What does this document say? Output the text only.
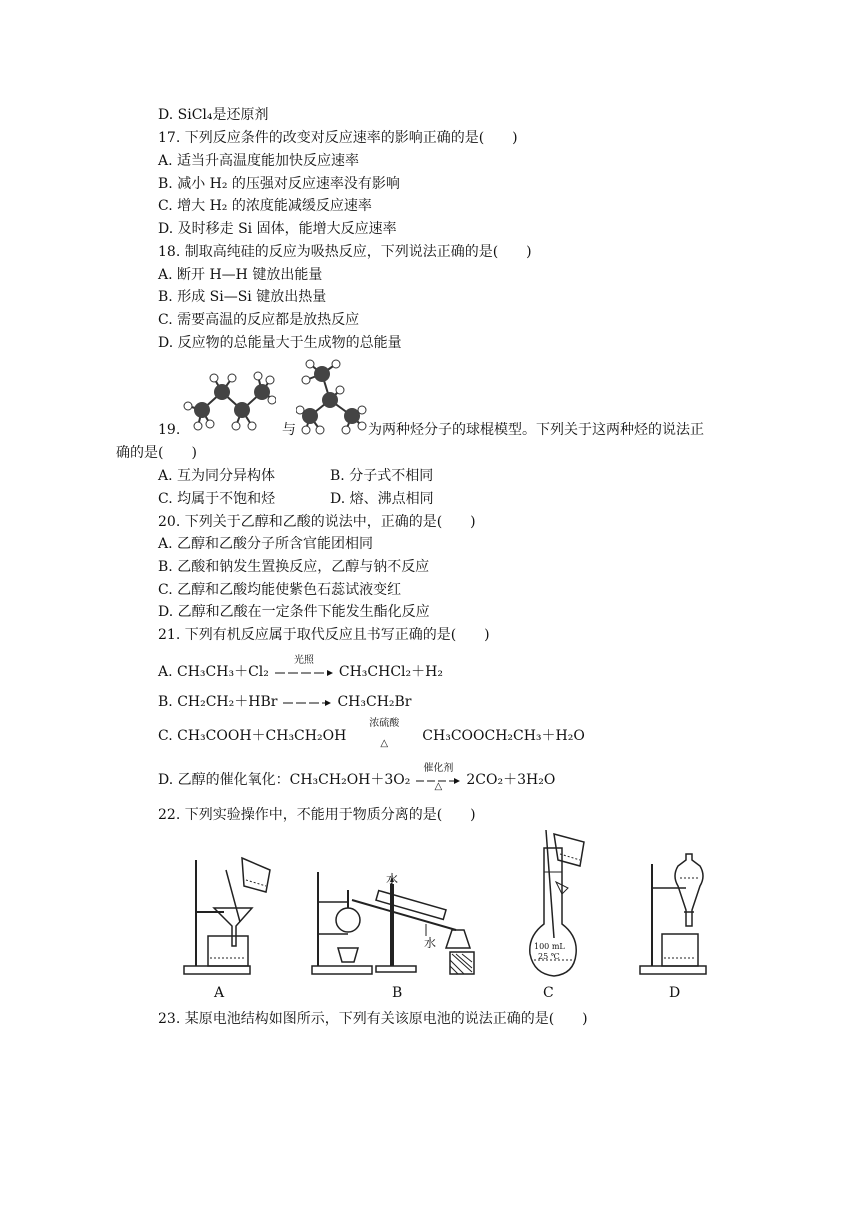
D. SiCl₄是还原剂
17. 下列反应条件的改变对反应速率的影响正确的是(　　)
A. 适当升高温度能加快反应速率
B. 减小 H₂ 的压强对反应速率没有影响
C. 增大 H₂ 的浓度能减缓反应速率
D. 及时移走 Si 固体，能增大反应速率
18. 制取高纯硅的反应为吸热反应，下列说法正确的是(　　)
A. 断开 H—H 键放出能量
B. 形成 Si—Si 键放出热量
C. 需要高温的反应都是放热反应
D. 反应物的总能量大于生成物的总能量
19.	与	为两种烃分子的球棍模型。下列关于这两种烃的说法正
确的是(　　)
A. 互为同分异构体	B. 分子式不相同
C. 均属于不饱和烃	D. 熔、沸点相同
20. 下列关于乙醇和乙酸的说法中，正确的是(　　)
A. 乙醇和乙酸分子所含官能团相同
B. 乙酸和钠发生置换反应，乙醇与钠不反应
C. 乙醇和乙酸均能使紫色石蕊试液变红
D. 乙醇和乙酸在一定条件下能发生酯化反应
21. 下列有机反应属于取代反应且书写正确的是(　　)
A. CH₃CH₃＋Cl₂
光照
CH₃CHCl₂＋H₂
B. CH₂CH₂＋HBr → CH₃CH₂Br
C. CH₃COOH＋CH₃CH₂OH
浓硫酸
△	CH₃COOCH₂CH₃＋H₂O
D. 乙醇的催化氧化：CH₃CH₂OH＋3O₂
催化剂
△	2CO₂＋3H₂O
22. 下列实验操作中，不能用于物质分离的是(　　)
A
水
水
B
100 mL
25 ℃
C	D
23. 某原电池结构如图所示，下列有关该原电池的说法正确的是(　　)
